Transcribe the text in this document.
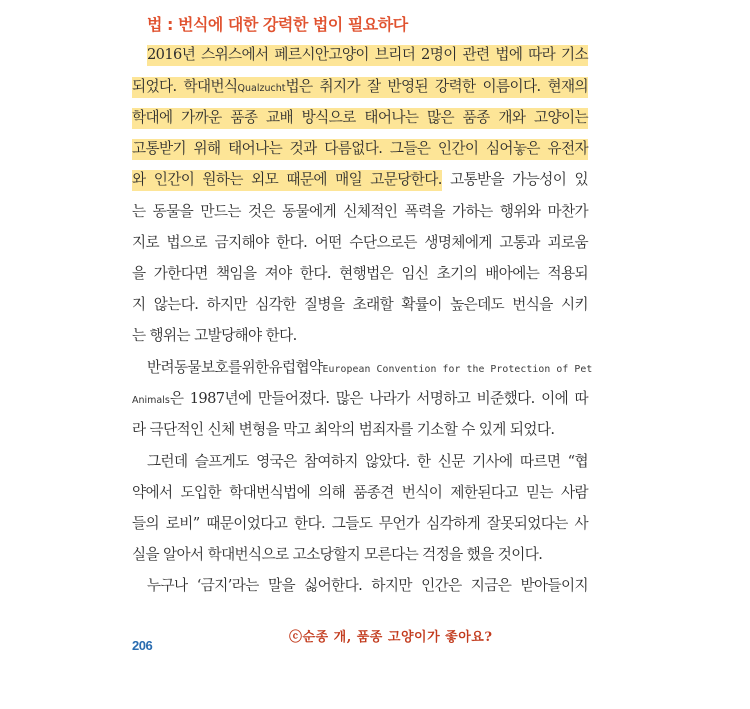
법 : 번식에 대한 강력한 법이 필요하다
2016년 스위스에서 페르시안고양이 브리더 2명이 관련 법에 따라 기소
되었다. 학대번식Qualzucht법은 취지가 잘 반영된 강력한 이름이다. 현재의
학대에 가까운 품종 교배 방식으로 태어나는 많은 품종 개와 고양이는
고통받기 위해 태어나는 것과 다름없다. 그들은 인간이 심어놓은 유전자
와 인간이 원하는 외모 때문에 매일 고문당한다. 고통받을 가능성이 있
는 동물을 만드는 것은 동물에게 신체적인 폭력을 가하는 행위와 마찬가
지로 법으로 금지해야 한다. 어떤 수단으로든 생명체에게 고통과 괴로움
을 가한다면 책임을 져야 한다. 현행법은 임신 초기의 배아에는 적용되
지 않는다. 하지만 심각한 질병을 초래할 확률이 높은데도 번식을 시키
는 행위는 고발당해야 한다.
반려동물보호를위한유럽협약European Convention for the Protection of Pet
Animals은 1987년에 만들어졌다. 많은 나라가 서명하고 비준했다. 이에 따
라 극단적인 신체 변형을 막고 최악의 범죄자를 기소할 수 있게 되었다.
그런데 슬프게도 영국은 참여하지 않았다. 한 신문 기사에 따르면 “협
약에서 도입한 학대번식법에 의해 품종견 번식이 제한된다고 믿는 사람
들의 로비” 때문이었다고 한다. 그들도 무언가 심각하게 잘못되었다는 사
실을 알아서 학대번식으로 고소당할지 모른다는 걱정을 했을 것이다.
누구나 ‘금지’라는 말을 싫어한다. 하지만 인간은 지금은 받아들이지
ⓒ순종 개, 품종 고양이가 좋아요?
206
